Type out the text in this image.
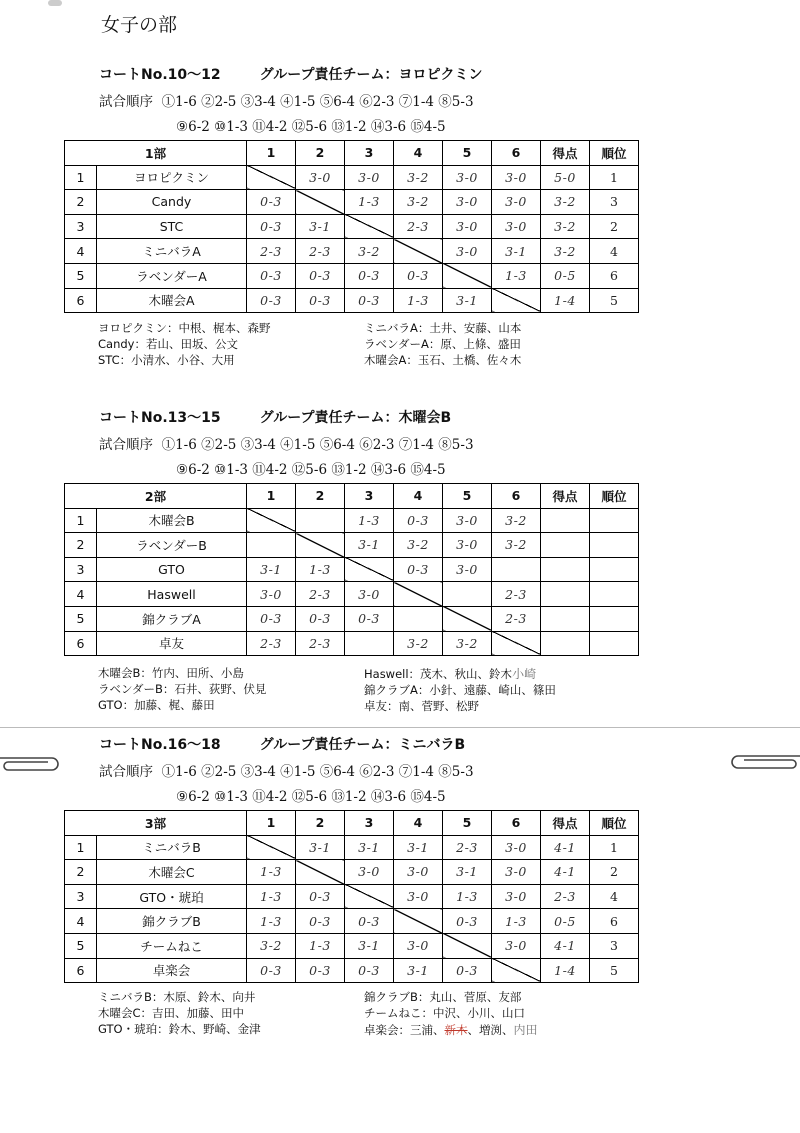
女子の部
コートNo.10～12	グループ責任チーム：ヨロピクミン
試合順序  ①1-6 ②2-5 ③3-4 ④1-5 ⑤6-4 ⑥2-3 ⑦1-4 ⑧5-3
⑨6-2 ⑩1-3 ⑪4-2 ⑫5-6 ⑬1-2 ⑭3-6 ⑮4-5
1部		1	2	3	4	5	6	得点	順位
1	ヨロピクミン		3-0	3-0	3-2	3-0	3-0	5-0	1
2	Candy	0-3		1-3	3-2	3-0	3-0	3-2	3
3	STC	0-3	3-1		2-3	3-0	3-0	3-2	2
4	ミニバラA	2-3	2-3	3-2		3-0	3-1	3-2	4
5	ラベンダーA	0-3	0-3	0-3	0-3		1-3	0-5	6
6	木曜会A	0-3	0-3	0-3	1-3	3-1		1-4	5
ヨロピクミン：中根、梶本、森野
Candy：若山、田坂、公文
STC：小清水、小谷、大用
ミニバラA：土井、安藤、山本
ラベンダーA：原、上條、盛田
木曜会A：玉石、土橋、佐々木
コートNo.13～15	グループ責任チーム：木曜会B
試合順序  ①1-6 ②2-5 ③3-4 ④1-5 ⑤6-4 ⑥2-3 ⑦1-4 ⑧5-3
⑨6-2 ⑩1-3 ⑪4-2 ⑫5-6 ⑬1-2 ⑭3-6 ⑮4-5
2部		1	2	3	4	5	6	得点	順位
1	木曜会B			1-3	0-3	3-0	3-2		
2	ラベンダーB			3-1	3-2	3-0	3-2		
3	GTO	3-1	1-3		0-3	3-0			
4	Haswell	3-0	2-3	3-0			2-3		
5	錦クラブA	0-3	0-3	0-3			2-3		
6	卓友	2-3	2-3		3-2	3-2			
木曜会B：竹内、田所、小島
ラベンダーB：石井、荻野、伏見
GTO：加藤、梶、藤田
Haswell：茂木、秋山、鈴木小崎
錦クラブA：小針、遠藤、崎山、篠田
卓友：南、菅野、松野
コートNo.16～18	グループ責任チーム：ミニバラB
試合順序  ①1-6 ②2-5 ③3-4 ④1-5 ⑤6-4 ⑥2-3 ⑦1-4 ⑧5-3
⑨6-2 ⑩1-3 ⑪4-2 ⑫5-6 ⑬1-2 ⑭3-6 ⑮4-5
3部		1	2	3	4	5	6	得点	順位
1	ミニバラB		3-1	3-1	3-1	2-3	3-0	4-1	1
2	木曜会C	1-3		3-0	3-0	3-1	3-0	4-1	2
3	GTO・琥珀	1-3	0-3		3-0	1-3	3-0	2-3	4
4	錦クラブB	1-3	0-3	0-3		0-3	1-3	0-5	6
5	チームねこ	3-2	1-3	3-1	3-0		3-0	4-1	3
6	卓楽会	0-3	0-3	0-3	3-1	0-3		1-4	5
ミニバラB：木原、鈴木、向井
木曜会C：吉田、加藤、田中
GTO・琥珀：鈴木、野崎、金津
錦クラブB：丸山、菅原、友部
チームねこ：中沢、小川、山口
卓楽会：三浦、新木、増渕、内田
